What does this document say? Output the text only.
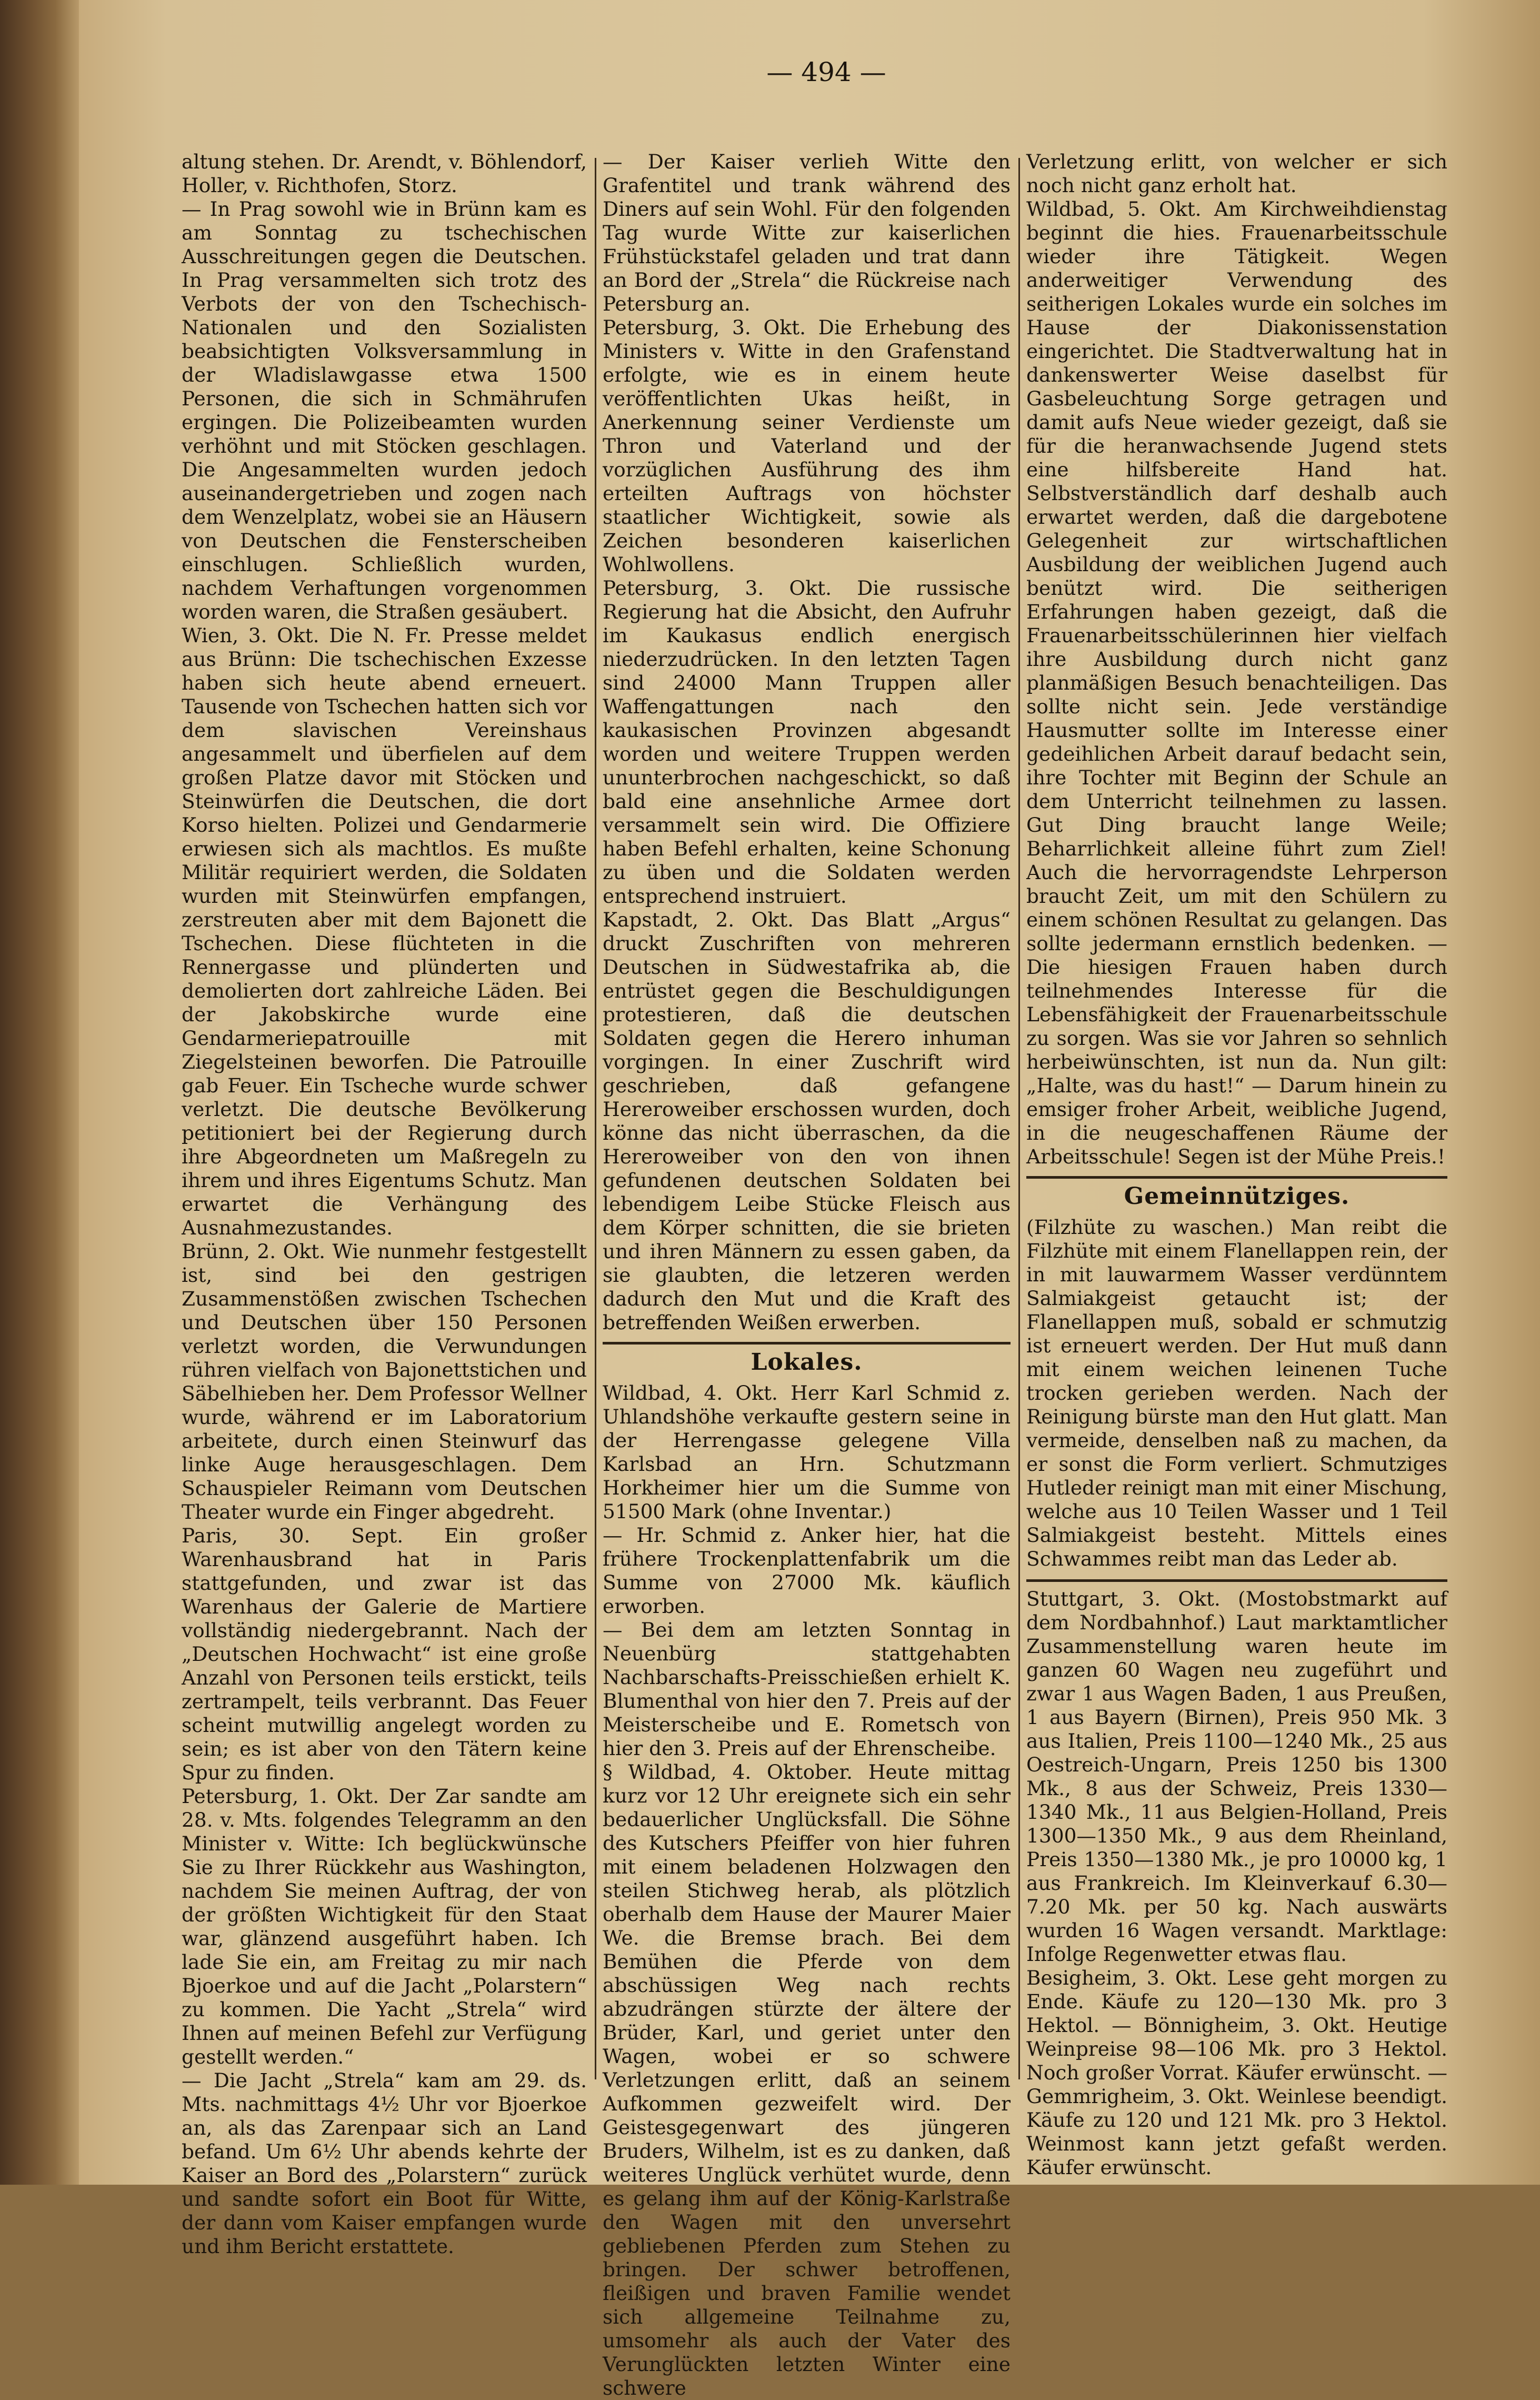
— 494 —

altung stehen. Dr. Arendt, v. Böhlendorf, Holler, v. Richthofen, Storz.

— In Prag sowohl wie in Brünn kam es am Sonntag zu tschechischen Ausschreitungen gegen die Deutschen. In Prag versammelten sich trotz des Verbots der von den Tschechisch-Nationalen und den Sozialisten beabsichtigten Volksversammlung in der Wladislawgasse etwa 1500 Personen, die sich in Schmährufen ergingen. Die Polizeibeamten wurden verhöhnt und mit Stöcken geschlagen. Die Angesammelten wurden jedoch auseinandergetrieben und zogen nach dem Wenzelplatz, wobei sie an Häusern von Deutschen die Fensterscheiben einschlugen. Schließlich wurden, nachdem Verhaftungen vorgenommen worden waren, die Straßen gesäubert.

Wien, 3. Okt. Die N. Fr. Presse meldet aus Brünn: Die tschechischen Exzesse haben sich heute abend erneuert. Tausende von Tschechen hatten sich vor dem slavischen Vereinshaus angesammelt und überfielen auf dem großen Platze davor mit Stöcken und Steinwürfen die Deutschen, die dort Korso hielten. Polizei und Gendarmerie erwiesen sich als machtlos. Es mußte Militär requiriert werden, die Soldaten wurden mit Steinwürfen empfangen, zerstreuten aber mit dem Bajonett die Tschechen. Diese flüchteten in die Rennergasse und plünderten und demolierten dort zahlreiche Läden. Bei der Jakobskirche wurde eine Gendarmeriepatrouille mit Ziegelsteinen beworfen. Die Patrouille gab Feuer. Ein Tscheche wurde schwer verletzt. Die deutsche Bevölkerung petitioniert bei der Regierung durch ihre Abgeordneten um Maßregeln zu ihrem und ihres Eigentums Schutz. Man erwartet die Verhängung des Ausnahmezustandes.

Brünn, 2. Okt. Wie nunmehr festgestellt ist, sind bei den gestrigen Zusammenstößen zwischen Tschechen und Deutschen über 150 Personen verletzt worden, die Verwundungen rühren vielfach von Bajonettstichen und Säbelhieben her. Dem Professor Wellner wurde, während er im Laboratorium arbeitete, durch einen Steinwurf das linke Auge herausgeschlagen. Dem Schauspieler Reimann vom Deutschen Theater wurde ein Finger abgedreht.

Paris, 30. Sept. Ein großer Warenhausbrand hat in Paris stattgefunden, und zwar ist das Warenhaus der Galerie de Martiere vollständig niedergebrannt. Nach der „Deutschen Hochwacht“ ist eine große Anzahl von Personen teils erstickt, teils zertrampelt, teils verbrannt. Das Feuer scheint mutwillig angelegt worden zu sein; es ist aber von den Tätern keine Spur zu finden.

Petersburg, 1. Okt. Der Zar sandte am 28. v. Mts. folgendes Telegramm an den Minister v. Witte: Ich beglückwünsche Sie zu Ihrer Rückkehr aus Washington, nachdem Sie meinen Auftrag, der von der größten Wichtigkeit für den Staat war, glänzend ausgeführt haben. Ich lade Sie ein, am Freitag zu mir nach Bjoerkoe und auf die Jacht „Polarstern“ zu kommen. Die Yacht „Strela“ wird Ihnen auf meinen Befehl zur Verfügung gestellt werden.“

— Die Jacht „Strela“ kam am 29. ds. Mts. nachmittags 4½ Uhr vor Bjoerkoe an, als das Zarenpaar sich an Land befand. Um 6½ Uhr abends kehrte der Kaiser an Bord des „Polarstern“ zurück und sandte sofort ein Boot für Witte, der dann vom Kaiser empfangen wurde und ihm Bericht erstattete.

— Der Kaiser verlieh Witte den Grafentitel und trank während des Diners auf sein Wohl. Für den folgenden Tag wurde Witte zur kaiserlichen Frühstückstafel geladen und trat dann an Bord der „Strela“ die Rückreise nach Petersburg an.

Petersburg, 3. Okt. Die Erhebung des Ministers v. Witte in den Grafenstand erfolgte, wie es in einem heute veröffentlichten Ukas heißt, in Anerkennung seiner Verdienste um Thron und Vaterland und der vorzüglichen Ausführung des ihm erteilten Auftrags von höchster staatlicher Wichtigkeit, sowie als Zeichen besonderen kaiserlichen Wohlwollens.

Petersburg, 3. Okt. Die russische Regierung hat die Absicht, den Aufruhr im Kaukasus endlich energisch niederzudrücken. In den letzten Tagen sind 24000 Mann Truppen aller Waffengattungen nach den kaukasischen Provinzen abgesandt worden und weitere Truppen werden ununterbrochen nachgeschickt, so daß bald eine ansehnliche Armee dort versammelt sein wird. Die Offiziere haben Befehl erhalten, keine Schonung zu üben und die Soldaten werden entsprechend instruiert.

Kapstadt, 2. Okt. Das Blatt „Argus“ druckt Zuschriften von mehreren Deutschen in Südwestafrika ab, die entrüstet gegen die Beschuldigungen protestieren, daß die deutschen Soldaten gegen die Herero inhuman vorgingen. In einer Zuschrift wird geschrieben, daß gefangene Hereroweiber erschossen wurden, doch könne das nicht überraschen, da die Hereroweiber von den von ihnen gefundenen deutschen Soldaten bei lebendigem Leibe Stücke Fleisch aus dem Körper schnitten, die sie brieten und ihren Männern zu essen gaben, da sie glaubten, die letzeren werden dadurch den Mut und die Kraft des betreffenden Weißen erwerben.

Lokales.

Wildbad, 4. Okt. Herr Karl Schmid z. Uhlandshöhe verkaufte gestern seine in der Herrengasse gelegene Villa Karlsbad an Hrn. Schutzmann Horkheimer hier um die Summe von 51500 Mark (ohne Inventar.)

— Hr. Schmid z. Anker hier, hat die frühere Trockenplattenfabrik um die Summe von 27000 Mk. käuflich erworben.

— Bei dem am letzten Sonntag in Neuenbürg stattgehabten Nachbarschafts-Preisschießen erhielt K. Blumenthal von hier den 7. Preis auf der Meisterscheibe und E. Rometsch von hier den 3. Preis auf der Ehrenscheibe.

§ Wildbad, 4. Oktober. Heute mittag kurz vor 12 Uhr ereignete sich ein sehr bedauerlicher Unglücksfall. Die Söhne des Kutschers Pfeiffer von hier fuhren mit einem beladenen Holzwagen den steilen Stichweg herab, als plötzlich oberhalb dem Hause der Maurer Maier We. die Bremse brach. Bei dem Bemühen die Pferde von dem abschüssigen Weg nach rechts abzudrängen stürzte der ältere der Brüder, Karl, und geriet unter den Wagen, wobei er so schwere Verletzungen erlitt, daß an seinem Aufkommen gezweifelt wird. Der Geistesgegenwart des jüngeren Bruders, Wilhelm, ist es zu danken, daß weiteres Unglück verhütet wurde, denn es gelang ihm auf der König-Karlstraße den Wagen mit den unversehrt gebliebenen Pferden zum Stehen zu bringen. Der schwer betroffenen, fleißigen und braven Familie wendet sich allgemeine Teilnahme zu, umsomehr als auch der Vater des Verunglückten letzten Winter eine schwere

Verletzung erlitt, von welcher er sich noch nicht ganz erholt hat.

Wildbad, 5. Okt. Am Kirchweihdienstag beginnt die hies. Frauenarbeitsschule wieder ihre Tätigkeit. Wegen anderweitiger Verwendung des seitherigen Lokales wurde ein solches im Hause der Diakonissenstation eingerichtet. Die Stadtverwaltung hat in dankenswerter Weise daselbst für Gasbeleuchtung Sorge getragen und damit aufs Neue wieder gezeigt, daß sie für die heranwachsende Jugend stets eine hilfsbereite Hand hat. Selbstverständlich darf deshalb auch erwartet werden, daß die dargebotene Gelegenheit zur wirtschaftlichen Ausbildung der weiblichen Jugend auch benützt wird. Die seitherigen Erfahrungen haben gezeigt, daß die Frauenarbeitsschülerinnen hier vielfach ihre Ausbildung durch nicht ganz planmäßigen Besuch benachteiligen. Das sollte nicht sein. Jede verständige Hausmutter sollte im Interesse einer gedeihlichen Arbeit darauf bedacht sein, ihre Tochter mit Beginn der Schule an dem Unterricht teilnehmen zu lassen. Gut Ding braucht lange Weile; Beharrlichkeit alleine führt zum Ziel! Auch die hervorragendste Lehrperson braucht Zeit, um mit den Schülern zu einem schönen Resultat zu gelangen. Das sollte jedermann ernstlich bedenken. — Die hiesigen Frauen haben durch teilnehmendes Interesse für die Lebensfähigkeit der Frauenarbeitsschule zu sorgen. Was sie vor Jahren so sehnlich herbeiwünschten, ist nun da. Nun gilt: „Halte, was du hast!“ — Darum hinein zu emsiger froher Arbeit, weibliche Jugend, in die neugeschaffenen Räume der Arbeitsschule! Segen ist der Mühe Preis.!

Gemeinnütziges.

(Filzhüte zu waschen.) Man reibt die Filzhüte mit einem Flanellappen rein, der in mit lauwarmem Wasser verdünntem Salmiakgeist getaucht ist; der Flanellappen muß, sobald er schmutzig ist erneuert werden. Der Hut muß dann mit einem weichen leinenen Tuche trocken gerieben werden. Nach der Reinigung bürste man den Hut glatt. Man vermeide, denselben naß zu machen, da er sonst die Form verliert. Schmutziges Hutleder reinigt man mit einer Mischung, welche aus 10 Teilen Wasser und 1 Teil Salmiakgeist besteht. Mittels eines Schwammes reibt man das Leder ab.

Stuttgart, 3. Okt. (Mostobstmarkt auf dem Nordbahnhof.) Laut marktamtlicher Zusammenstellung waren heute im ganzen 60 Wagen neu zugeführt und zwar 1 aus Wagen Baden, 1 aus Preußen, 1 aus Bayern (Birnen), Preis 950 Mk. 3 aus Italien, Preis 1100—1240 Mk., 25 aus Oestreich-Ungarn, Preis 1250 bis 1300 Mk., 8 aus der Schweiz, Preis 1330—1340 Mk., 11 aus Belgien-Holland, Preis 1300—1350 Mk., 9 aus dem Rheinland, Preis 1350—1380 Mk., je pro 10000 kg, 1 aus Frankreich. Im Kleinverkauf 6.30—7.20 Mk. per 50 kg. Nach auswärts wurden 16 Wagen versandt. Marktlage: Infolge Regenwetter etwas flau.

Besigheim, 3. Okt. Lese geht morgen zu Ende. Käufe zu 120—130 Mk. pro 3 Hektol. — Bönnigheim, 3. Okt. Heutige Weinpreise 98—106 Mk. pro 3 Hektol. Noch großer Vorrat. Käufer erwünscht. — Gemmrigheim, 3. Okt. Weinlese beendigt. Käufe zu 120 und 121 Mk. pro 3 Hektol. Weinmost kann jetzt gefaßt werden. Käufer erwünscht.
